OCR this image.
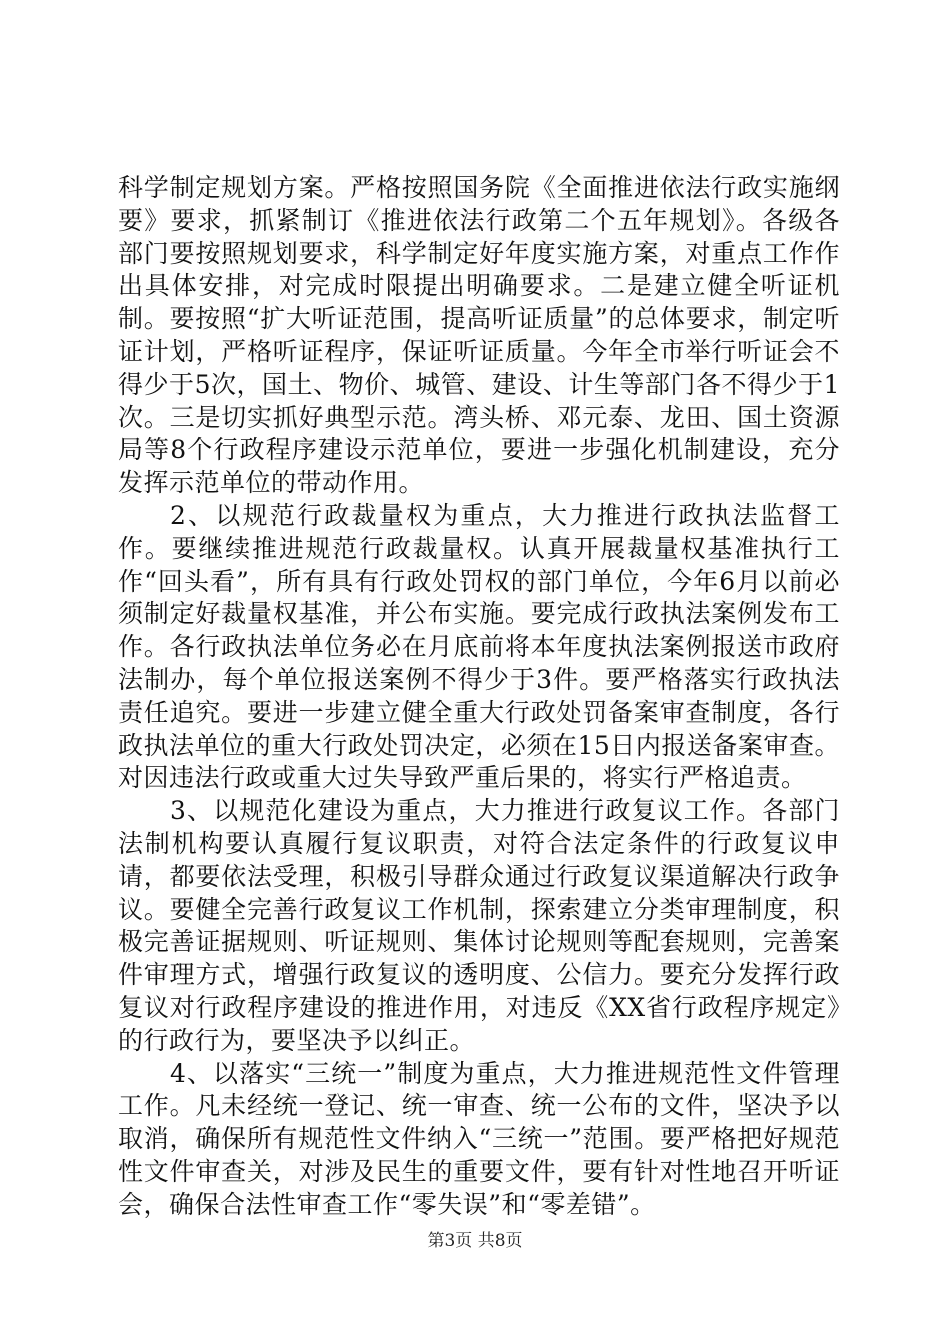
科学制定规划方案。严格按照国务院《全面推进依法行政实施纲要》要求，抓紧制订《推进依法行政第二个五年规划》。各级各部门要按照规划要求，科学制定好年度实施方案，对重点工作作出具体安排，对完成时限提出明确要求。二是建立健全听证机制。要按照“扩大听证范围，提高听证质量”的总体要求，制定听证计划，严格听证程序，保证听证质量。今年全市举行听证会不得少于5次，国土、物价、城管、建设、计生等部门各不得少于1次。三是切实抓好典型示范。湾头桥、邓元泰、龙田、国土资源局等8个行政程序建设示范单位，要进一步强化机制建设，充分发挥示范单位的带动作用。

2、以规范行政裁量权为重点，大力推进行政执法监督工作。要继续推进规范行政裁量权。认真开展裁量权基准执行工作“回头看”，所有具有行政处罚权的部门单位，今年6月以前必须制定好裁量权基准，并公布实施。要完成行政执法案例发布工作。各行政执法单位务必在月底前将本年度执法案例报送市政府法制办，每个单位报送案例不得少于3件。要严格落实行政执法责任追究。要进一步建立健全重大行政处罚备案审查制度，各行政执法单位的重大行政处罚决定，必须在15日内报送备案审查。对因违法行政或重大过失导致严重后果的，将实行严格追责。

3、以规范化建设为重点，大力推进行政复议工作。各部门法制机构要认真履行复议职责，对符合法定条件的行政复议申请，都要依法受理，积极引导群众通过行政复议渠道解决行政争议。要健全完善行政复议工作机制，探索建立分类审理制度，积极完善证据规则、听证规则、集体讨论规则等配套规则，完善案件审理方式，增强行政复议的透明度、公信力。要充分发挥行政复议对行政程序建设的推进作用，对违反《XX省行政程序规定》的行政行为，要坚决予以纠正。

4、以落实“三统一”制度为重点，大力推进规范性文件管理工作。凡未经统一登记、统一审查、统一公布的文件，坚决予以取消，确保所有规范性文件纳入“三统一”范围。要严格把好规范性文件审查关，对涉及民生的重要文件，要有针对性地召开听证会，确保合法性审查工作“零失误”和“零差错”。

第3页 共8页
